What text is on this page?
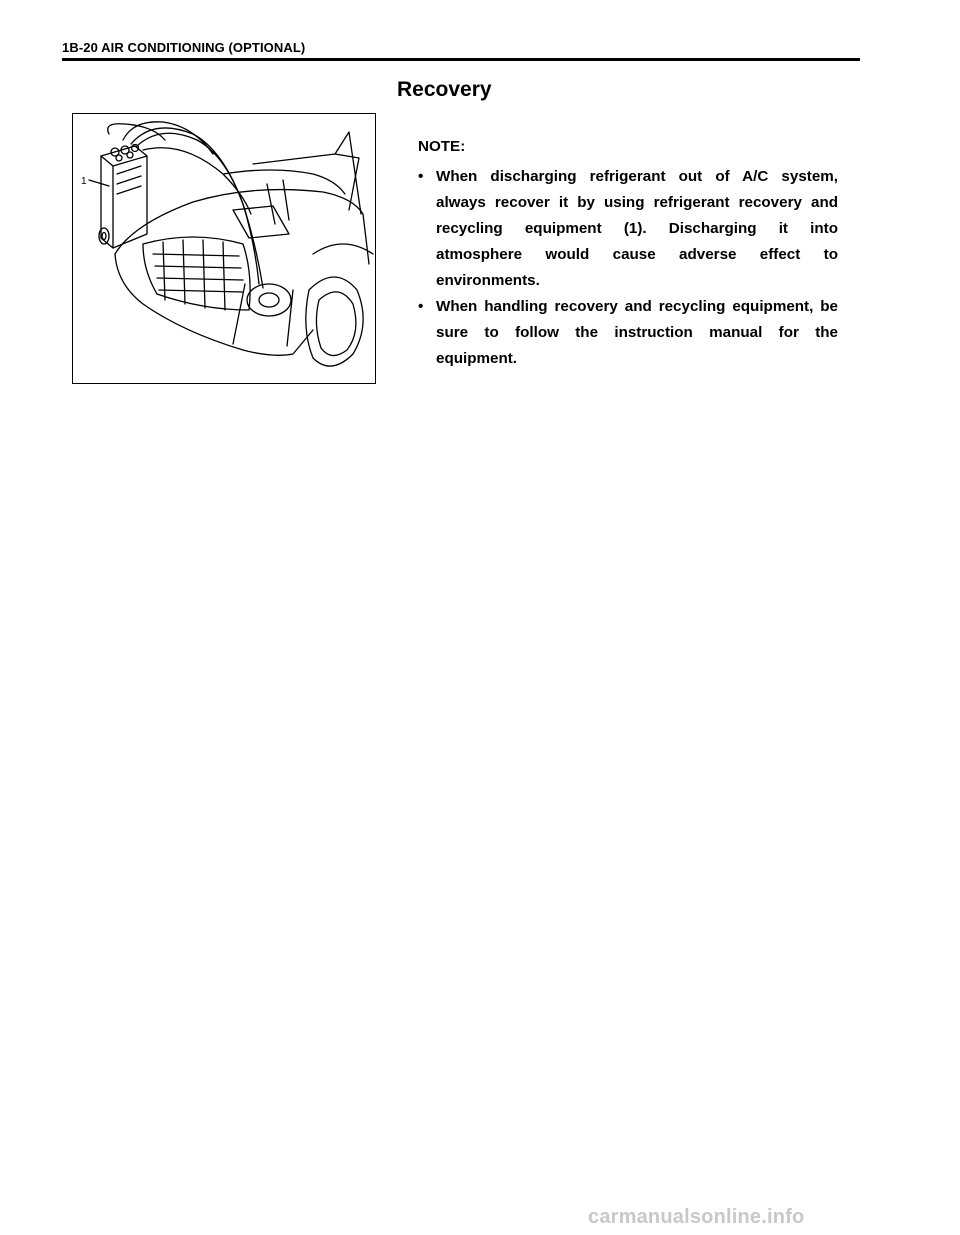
1B-20 AIR CONDITIONING (OPTIONAL)
Recovery
1
NOTE:
• When discharging refrigerant out of A/C system, always recover it by using refrigerant recovery and recycling equipment (1). Discharging it into atmosphere would cause adverse effect to environments.
• When handling recovery and recycling equipment, be sure to follow the instruction manual for the equipment.
carmanualsonline.info
